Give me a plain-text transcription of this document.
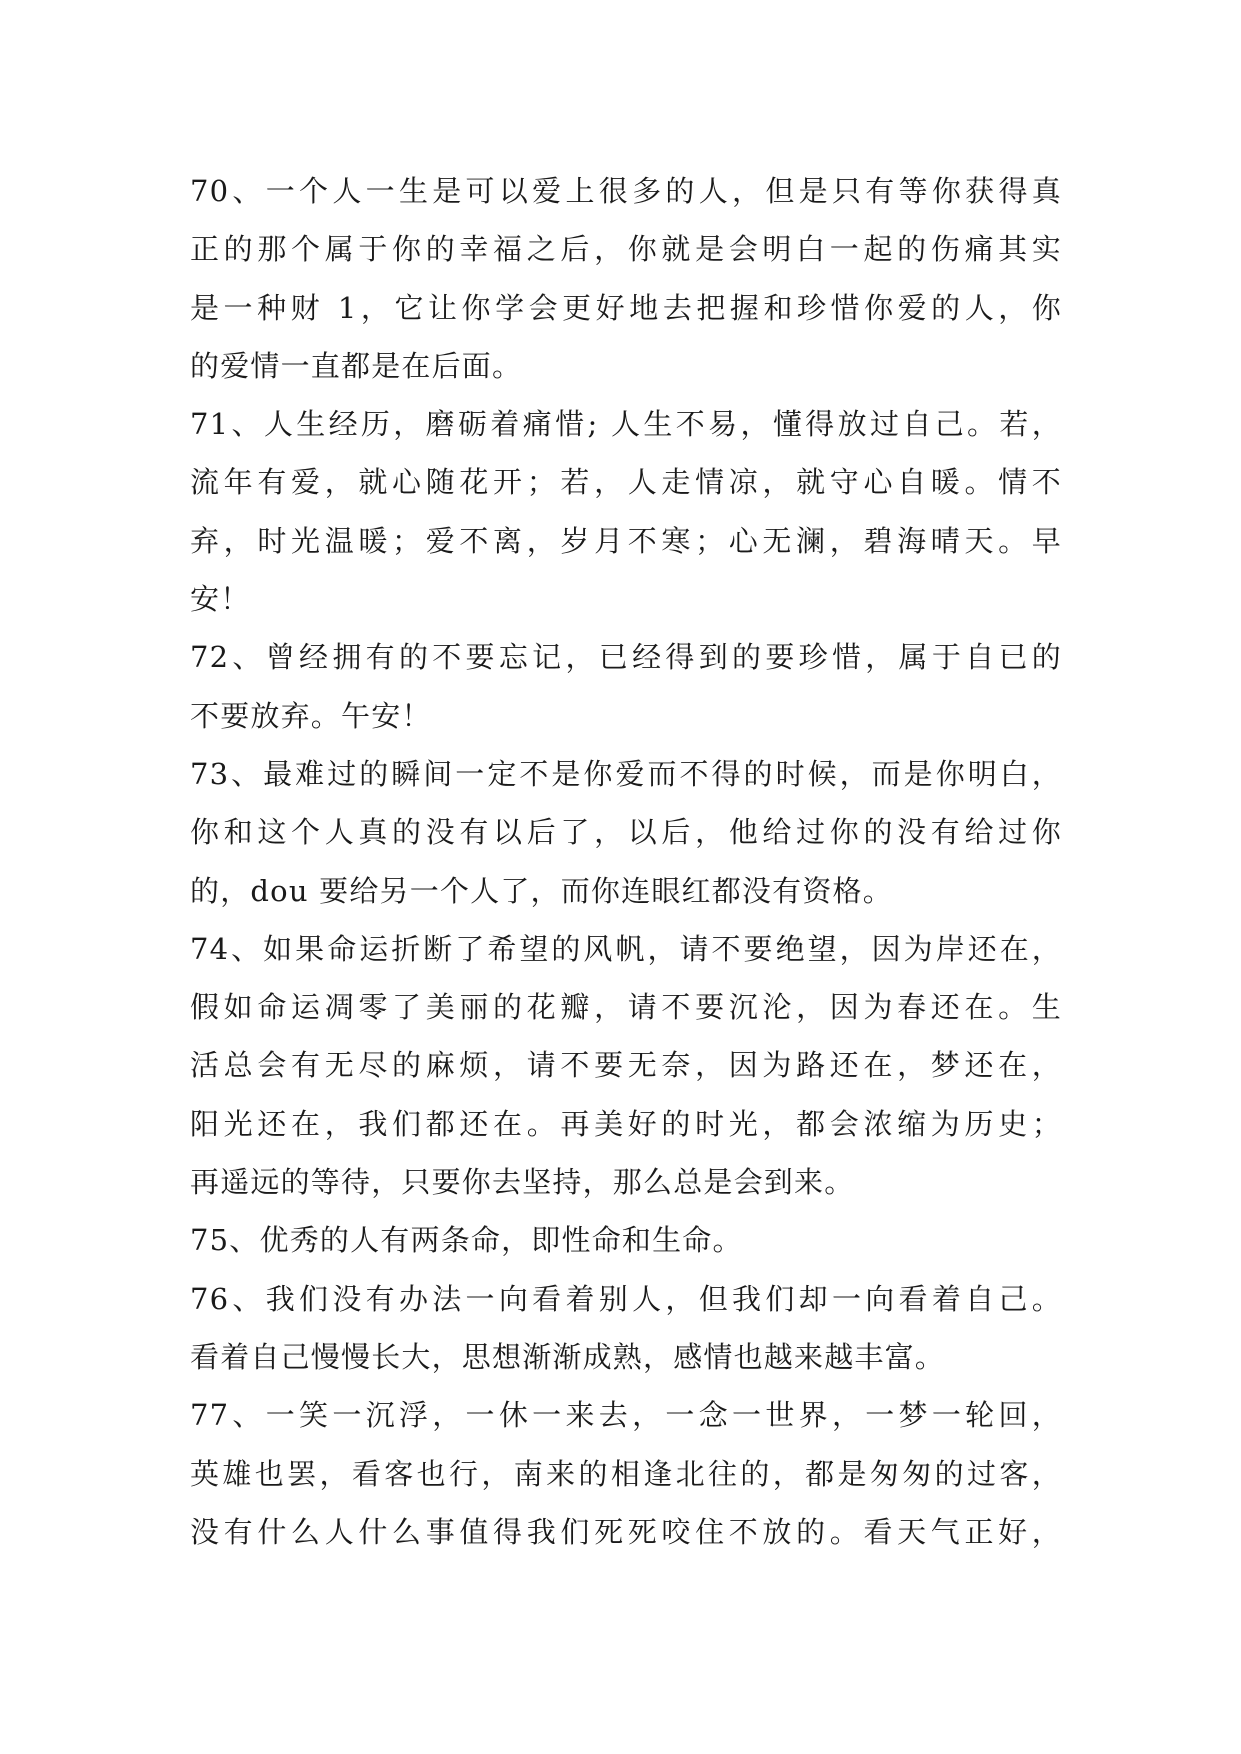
70、一个人一生是可以爱上很多的人，但是只有等你获得真
正的那个属于你的幸福之后，你就是会明白一起的伤痛其实
是一种财 1，它让你学会更好地去把握和珍惜你爱的人，你
的爱情一直都是在后面。
71、人生经历，磨砺着痛惜; 人生不易，懂得放过自己。若，
流年有爱，就心随花开；若，人走情凉，就守心自暖。情不
弃，时光温暖；爱不离，岁月不寒；心无澜，碧海晴天。早
安！
72、曾经拥有的不要忘记，已经得到的要珍惜，属于自已的
不要放弃。午安！
73、最难过的瞬间一定不是你爱而不得的时候，而是你明白，
你和这个人真的没有以后了，以后，他给过你的没有给过你
的，dou 要给另一个人了，而你连眼红都没有资格。
74、如果命运折断了希望的风帆，请不要绝望，因为岸还在，
假如命运凋零了美丽的花瓣，请不要沉沦，因为春还在。生
活总会有无尽的麻烦，请不要无奈，因为路还在，梦还在，
阳光还在，我们都还在。再美好的时光，都会浓缩为历史；
再遥远的等待，只要你去坚持，那么总是会到来。
75、优秀的人有两条命，即性命和生命。
76、我们没有办法一向看着别人，但我们却一向看着自己。
看着自己慢慢长大，思想渐渐成熟，感情也越来越丰富。
77、一笑一沉浮，一休一来去，一念一世界，一梦一轮回，
英雄也罢，看客也行，南来的相逢北往的，都是匆匆的过客，
没有什么人什么事值得我们死死咬住不放的。看天气正好，
